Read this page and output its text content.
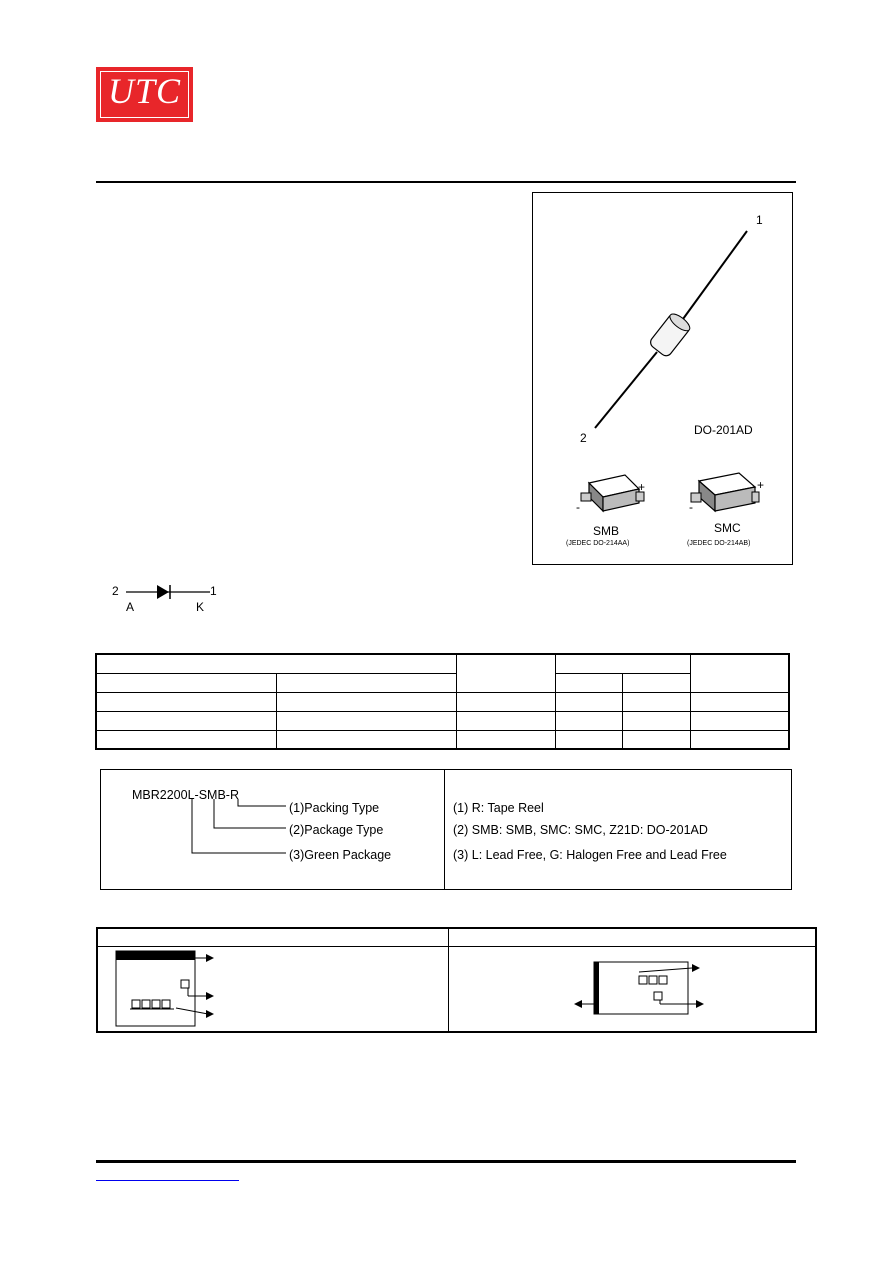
UTC
1
2
DO-201AD
+
-
SMB
(JEDEC DO-214AA)
+
-
SMC
(JEDEC DO-214AB)
2	1
A	K

MBR2200L-SMB-R
(1)Packing Type
(2)Package Type
(3)Green Package
(1) R: Tape Reel
(2) SMB: SMB, SMC: SMC, Z21D: DO-201AD
(3) L: Lead Free, G: Halogen Free and Lead Free
